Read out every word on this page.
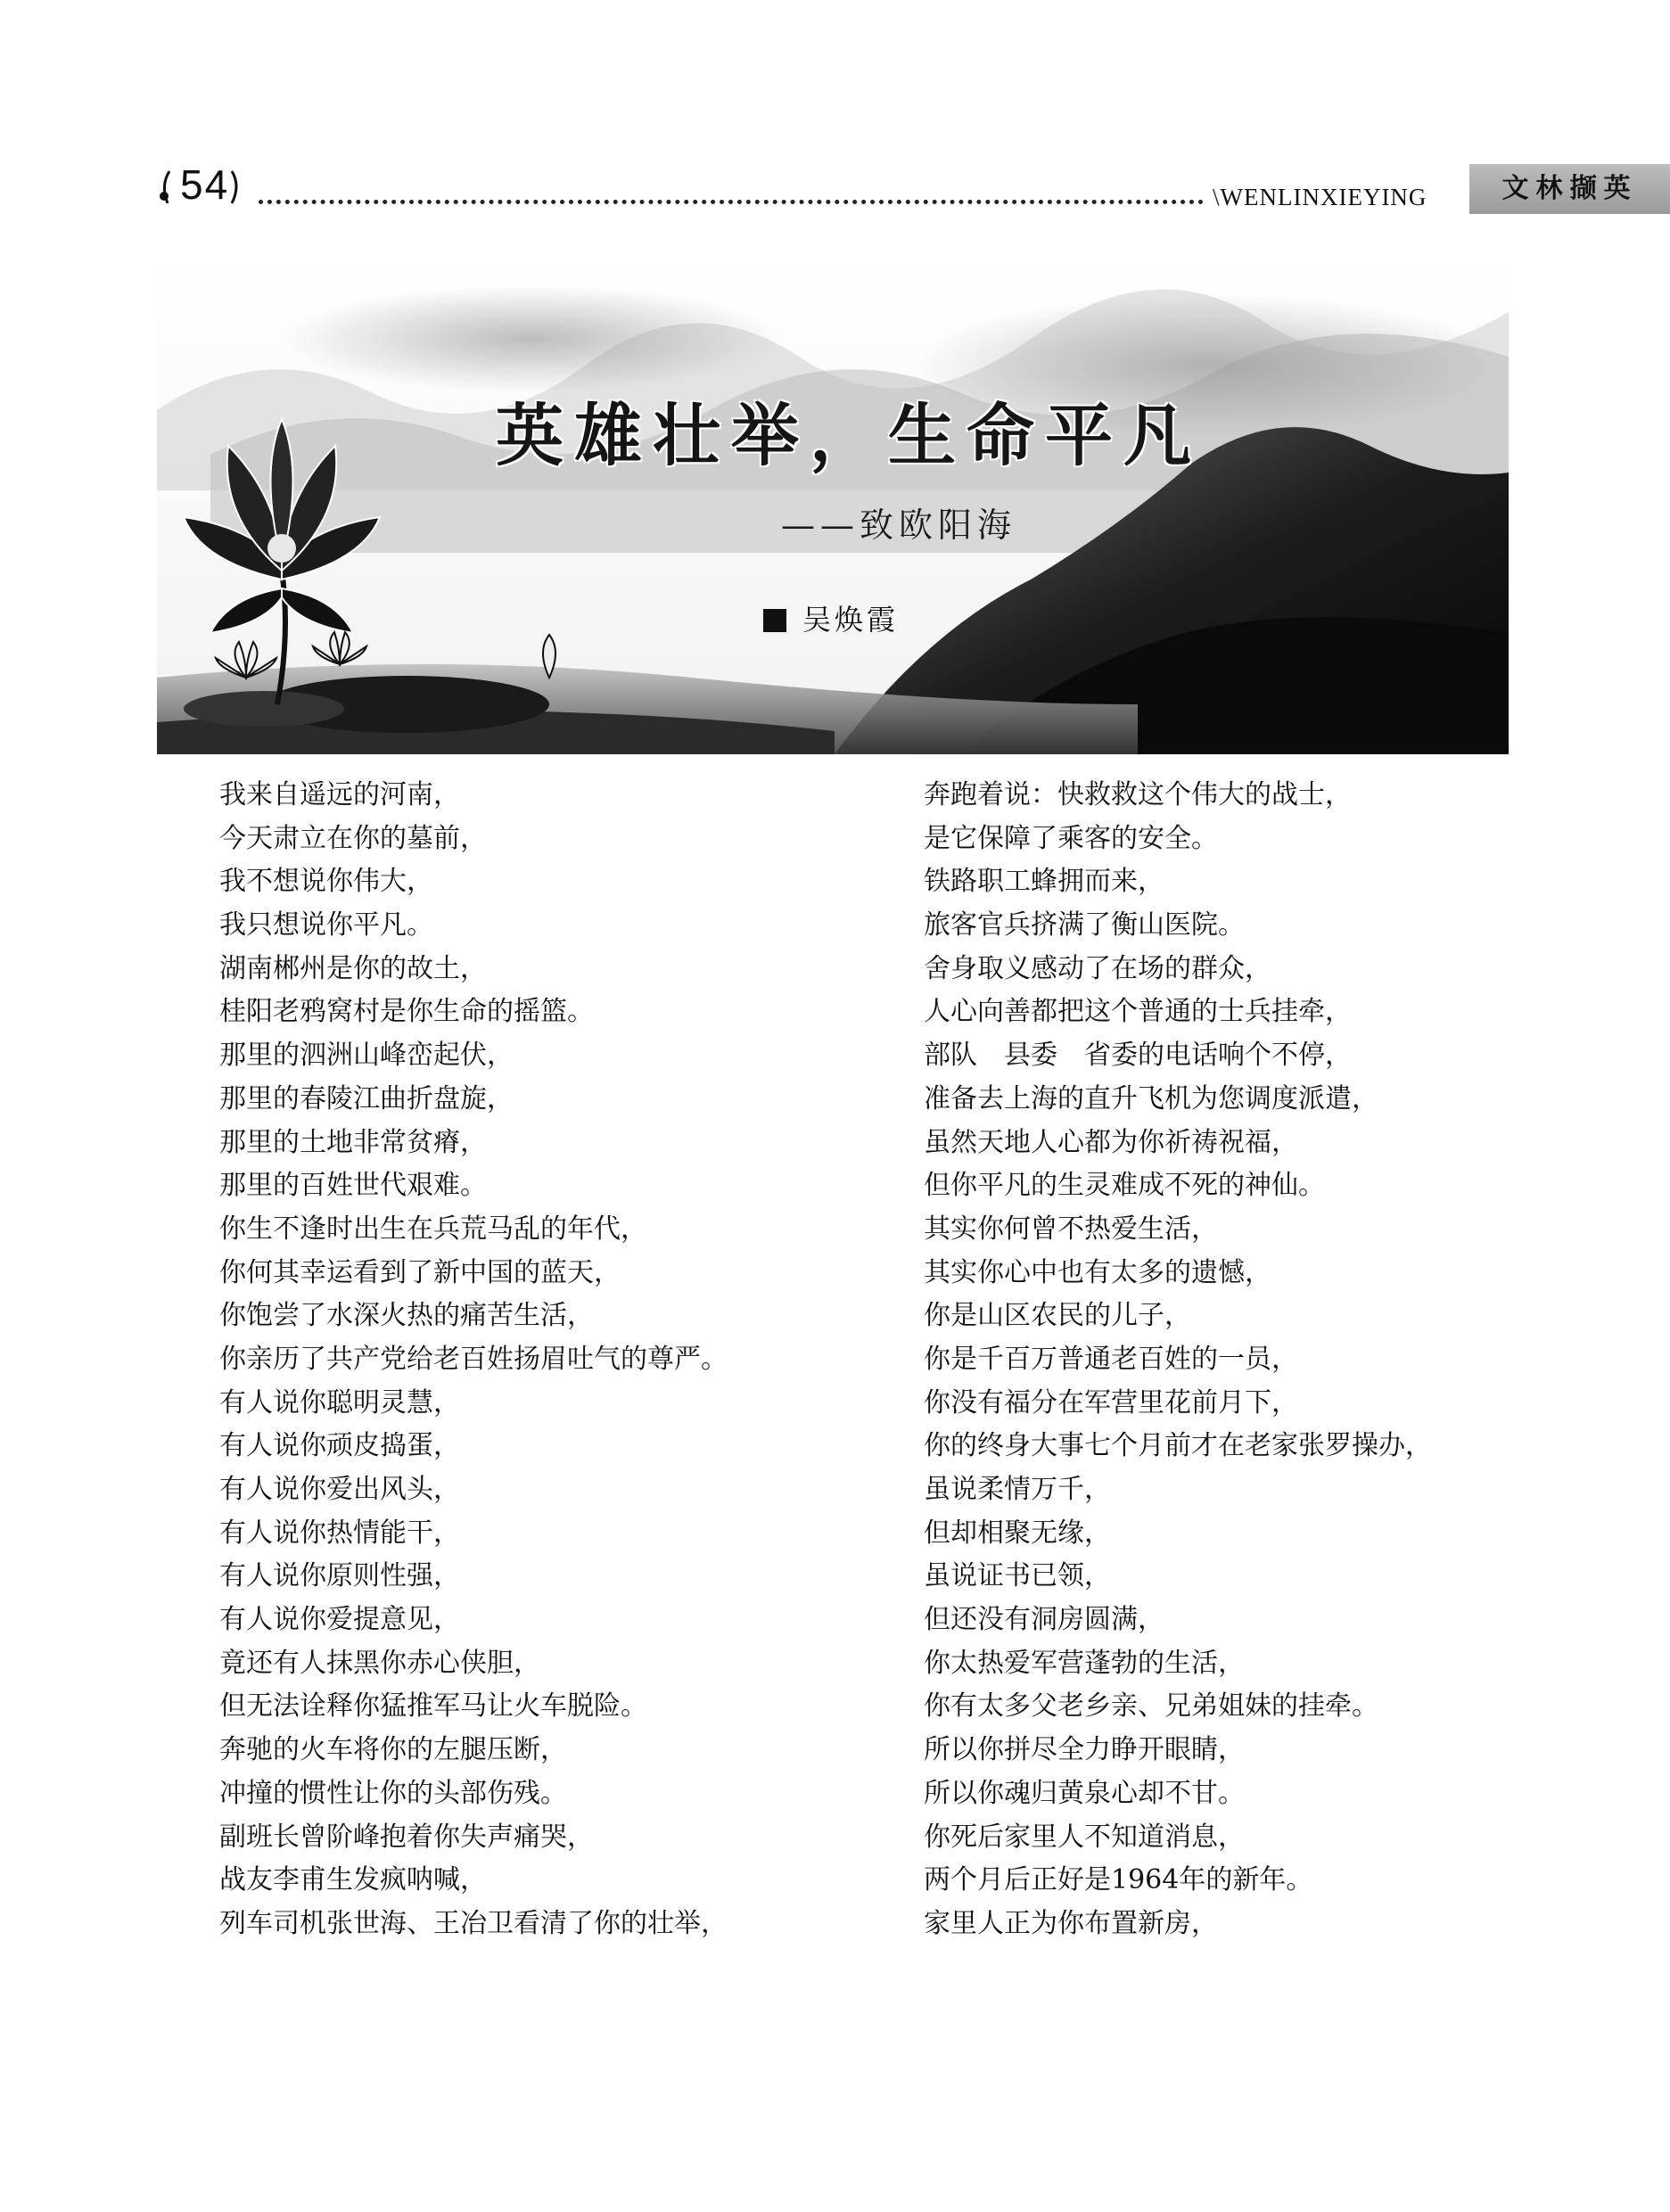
54	\WENLINXIEYING	文林撷英
英雄壮举，生命平凡
——致欧阳海
吴焕霞
我来自遥远的河南，
今天肃立在你的墓前，
我不想说你伟大，
我只想说你平凡。
湖南郴州是你的故土，
桂阳老鸦窝村是你生命的摇篮。
那里的泗洲山峰峦起伏，
那里的春陵江曲折盘旋，
那里的土地非常贫瘠，
那里的百姓世代艰难。
你生不逢时出生在兵荒马乱的年代，
你何其幸运看到了新中国的蓝天，
你饱尝了水深火热的痛苦生活，
你亲历了共产党给老百姓扬眉吐气的尊严。
有人说你聪明灵慧，
有人说你顽皮捣蛋，
有人说你爱出风头，
有人说你热情能干，
有人说你原则性强，
有人说你爱提意见，
竟还有人抹黑你赤心侠胆，
但无法诠释你猛推军马让火车脱险。
奔驰的火车将你的左腿压断，
冲撞的惯性让你的头部伤残。
副班长曾阶峰抱着你失声痛哭，
战友李甫生发疯呐喊，
列车司机张世海、王冶卫看清了你的壮举，
奔跑着说：快救救这个伟大的战士，
是它保障了乘客的安全。
铁路职工蜂拥而来，
旅客官兵挤满了衡山医院。
舍身取义感动了在场的群众，
人心向善都把这个普通的士兵挂牵，
部队　县委　省委的电话响个不停，
准备去上海的直升飞机为您调度派遣，
虽然天地人心都为你祈祷祝福，
但你平凡的生灵难成不死的神仙。
其实你何曾不热爱生活，
其实你心中也有太多的遗憾，
你是山区农民的儿子，
你是千百万普通老百姓的一员，
你没有福分在军营里花前月下，
你的终身大事七个月前才在老家张罗操办，
虽说柔情万千，
但却相聚无缘，
虽说证书已领，
但还没有洞房圆满，
你太热爱军营蓬勃的生活，
你有太多父老乡亲、兄弟姐妹的挂牵。
所以你拼尽全力睁开眼睛，
所以你魂归黄泉心却不甘。
你死后家里人不知道消息，
两个月后正好是1964年的新年。
家里人正为你布置新房，
